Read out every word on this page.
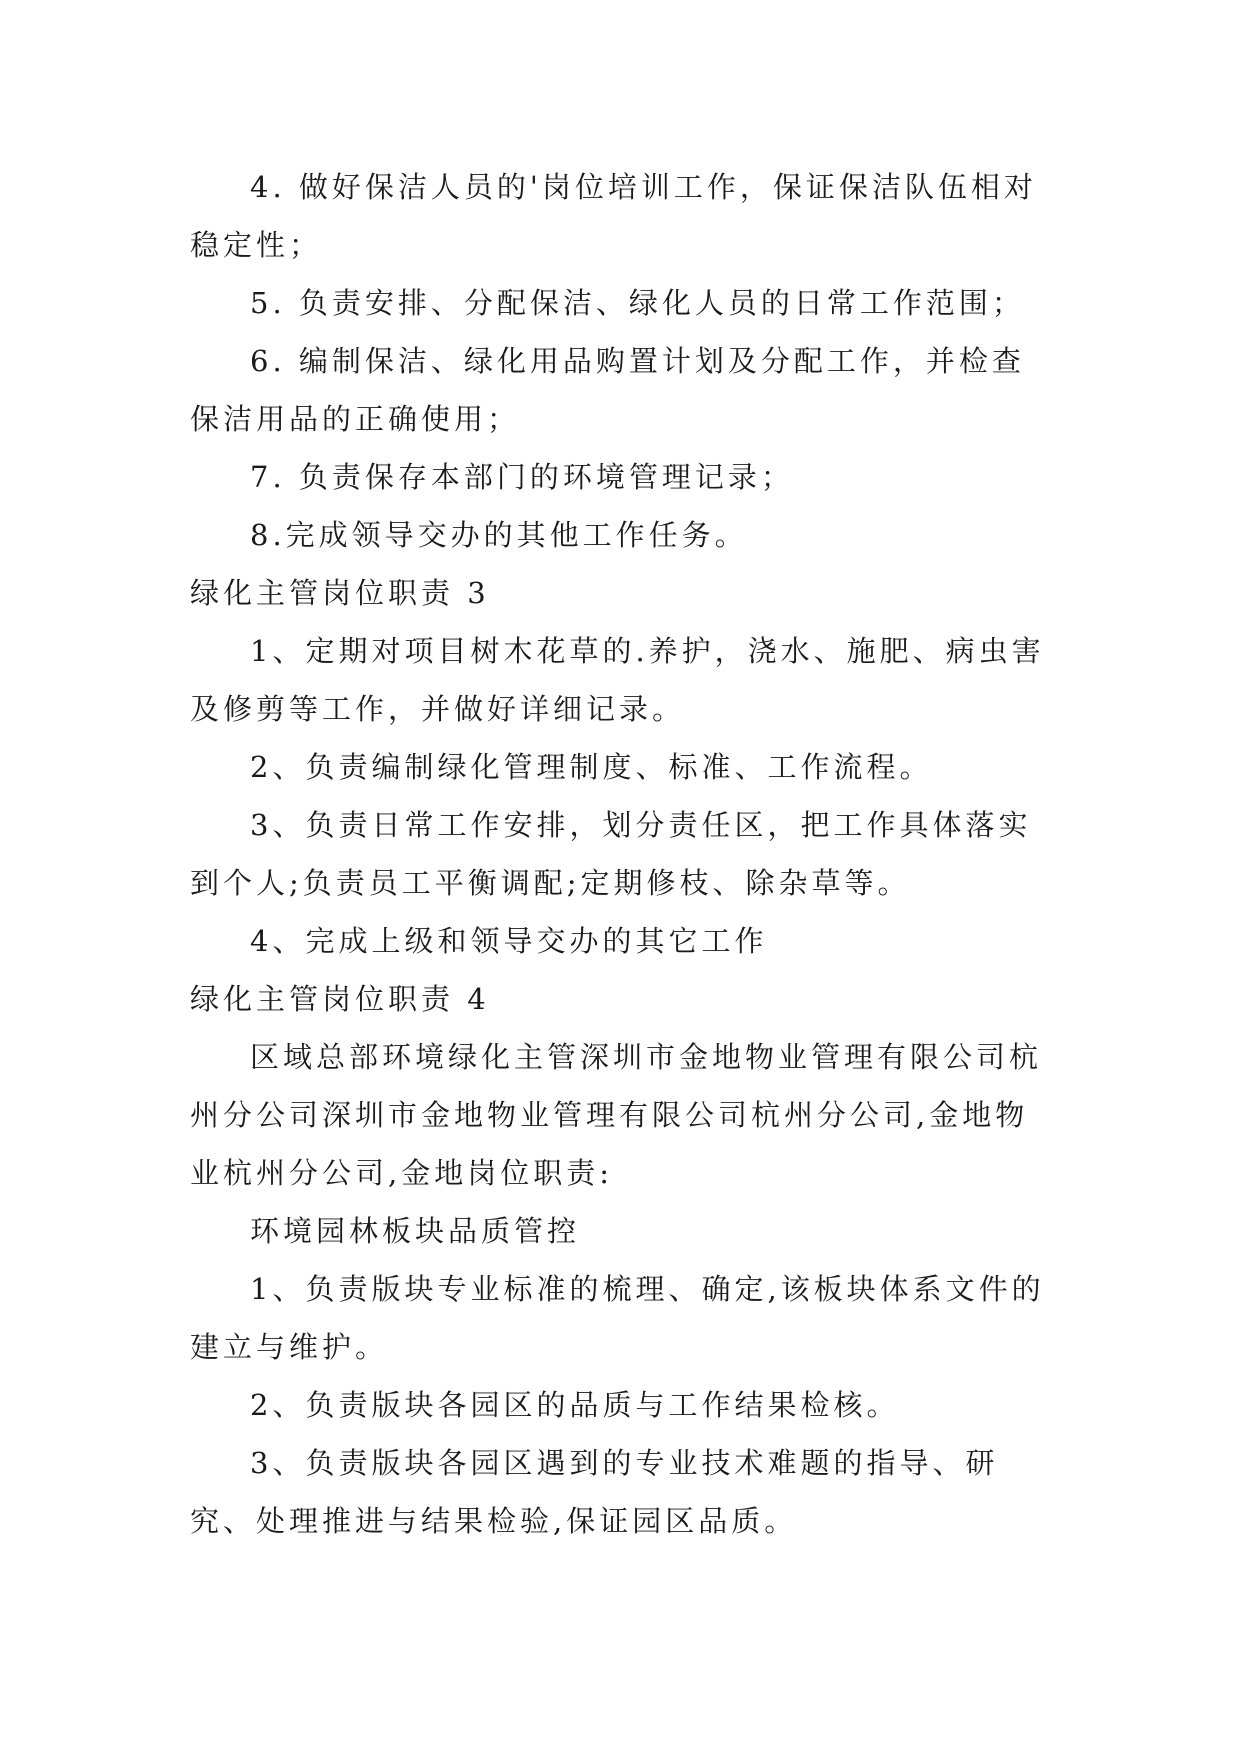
4. 做好保洁人员的'岗位培训工作，保证保洁队伍相对稳定性；

5. 负责安排、分配保洁、绿化人员的日常工作范围；

6. 编制保洁、绿化用品购置计划及分配工作，并检查保洁用品的正确使用；

7. 负责保存本部门的环境管理记录；

8.完成领导交办的其他工作任务。

绿化主管岗位职责 3

1、定期对项目树木花草的.养护，浇水、施肥、病虫害及修剪等工作，并做好详细记录。

2、负责编制绿化管理制度、标准、工作流程。

3、负责日常工作安排，划分责任区，把工作具体落实到个人;负责员工平衡调配;定期修枝、除杂草等。

4、完成上级和领导交办的其它工作

绿化主管岗位职责 4

区域总部环境绿化主管深圳市金地物业管理有限公司杭州分公司深圳市金地物业管理有限公司杭州分公司,金地物业杭州分公司,金地岗位职责:

环境园林板块品质管控

1、负责版块专业标准的梳理、确定,该板块体系文件的建立与维护。

2、负责版块各园区的品质与工作结果检核。

3、负责版块各园区遇到的专业技术难题的指导、研究、处理推进与结果检验,保证园区品质。
